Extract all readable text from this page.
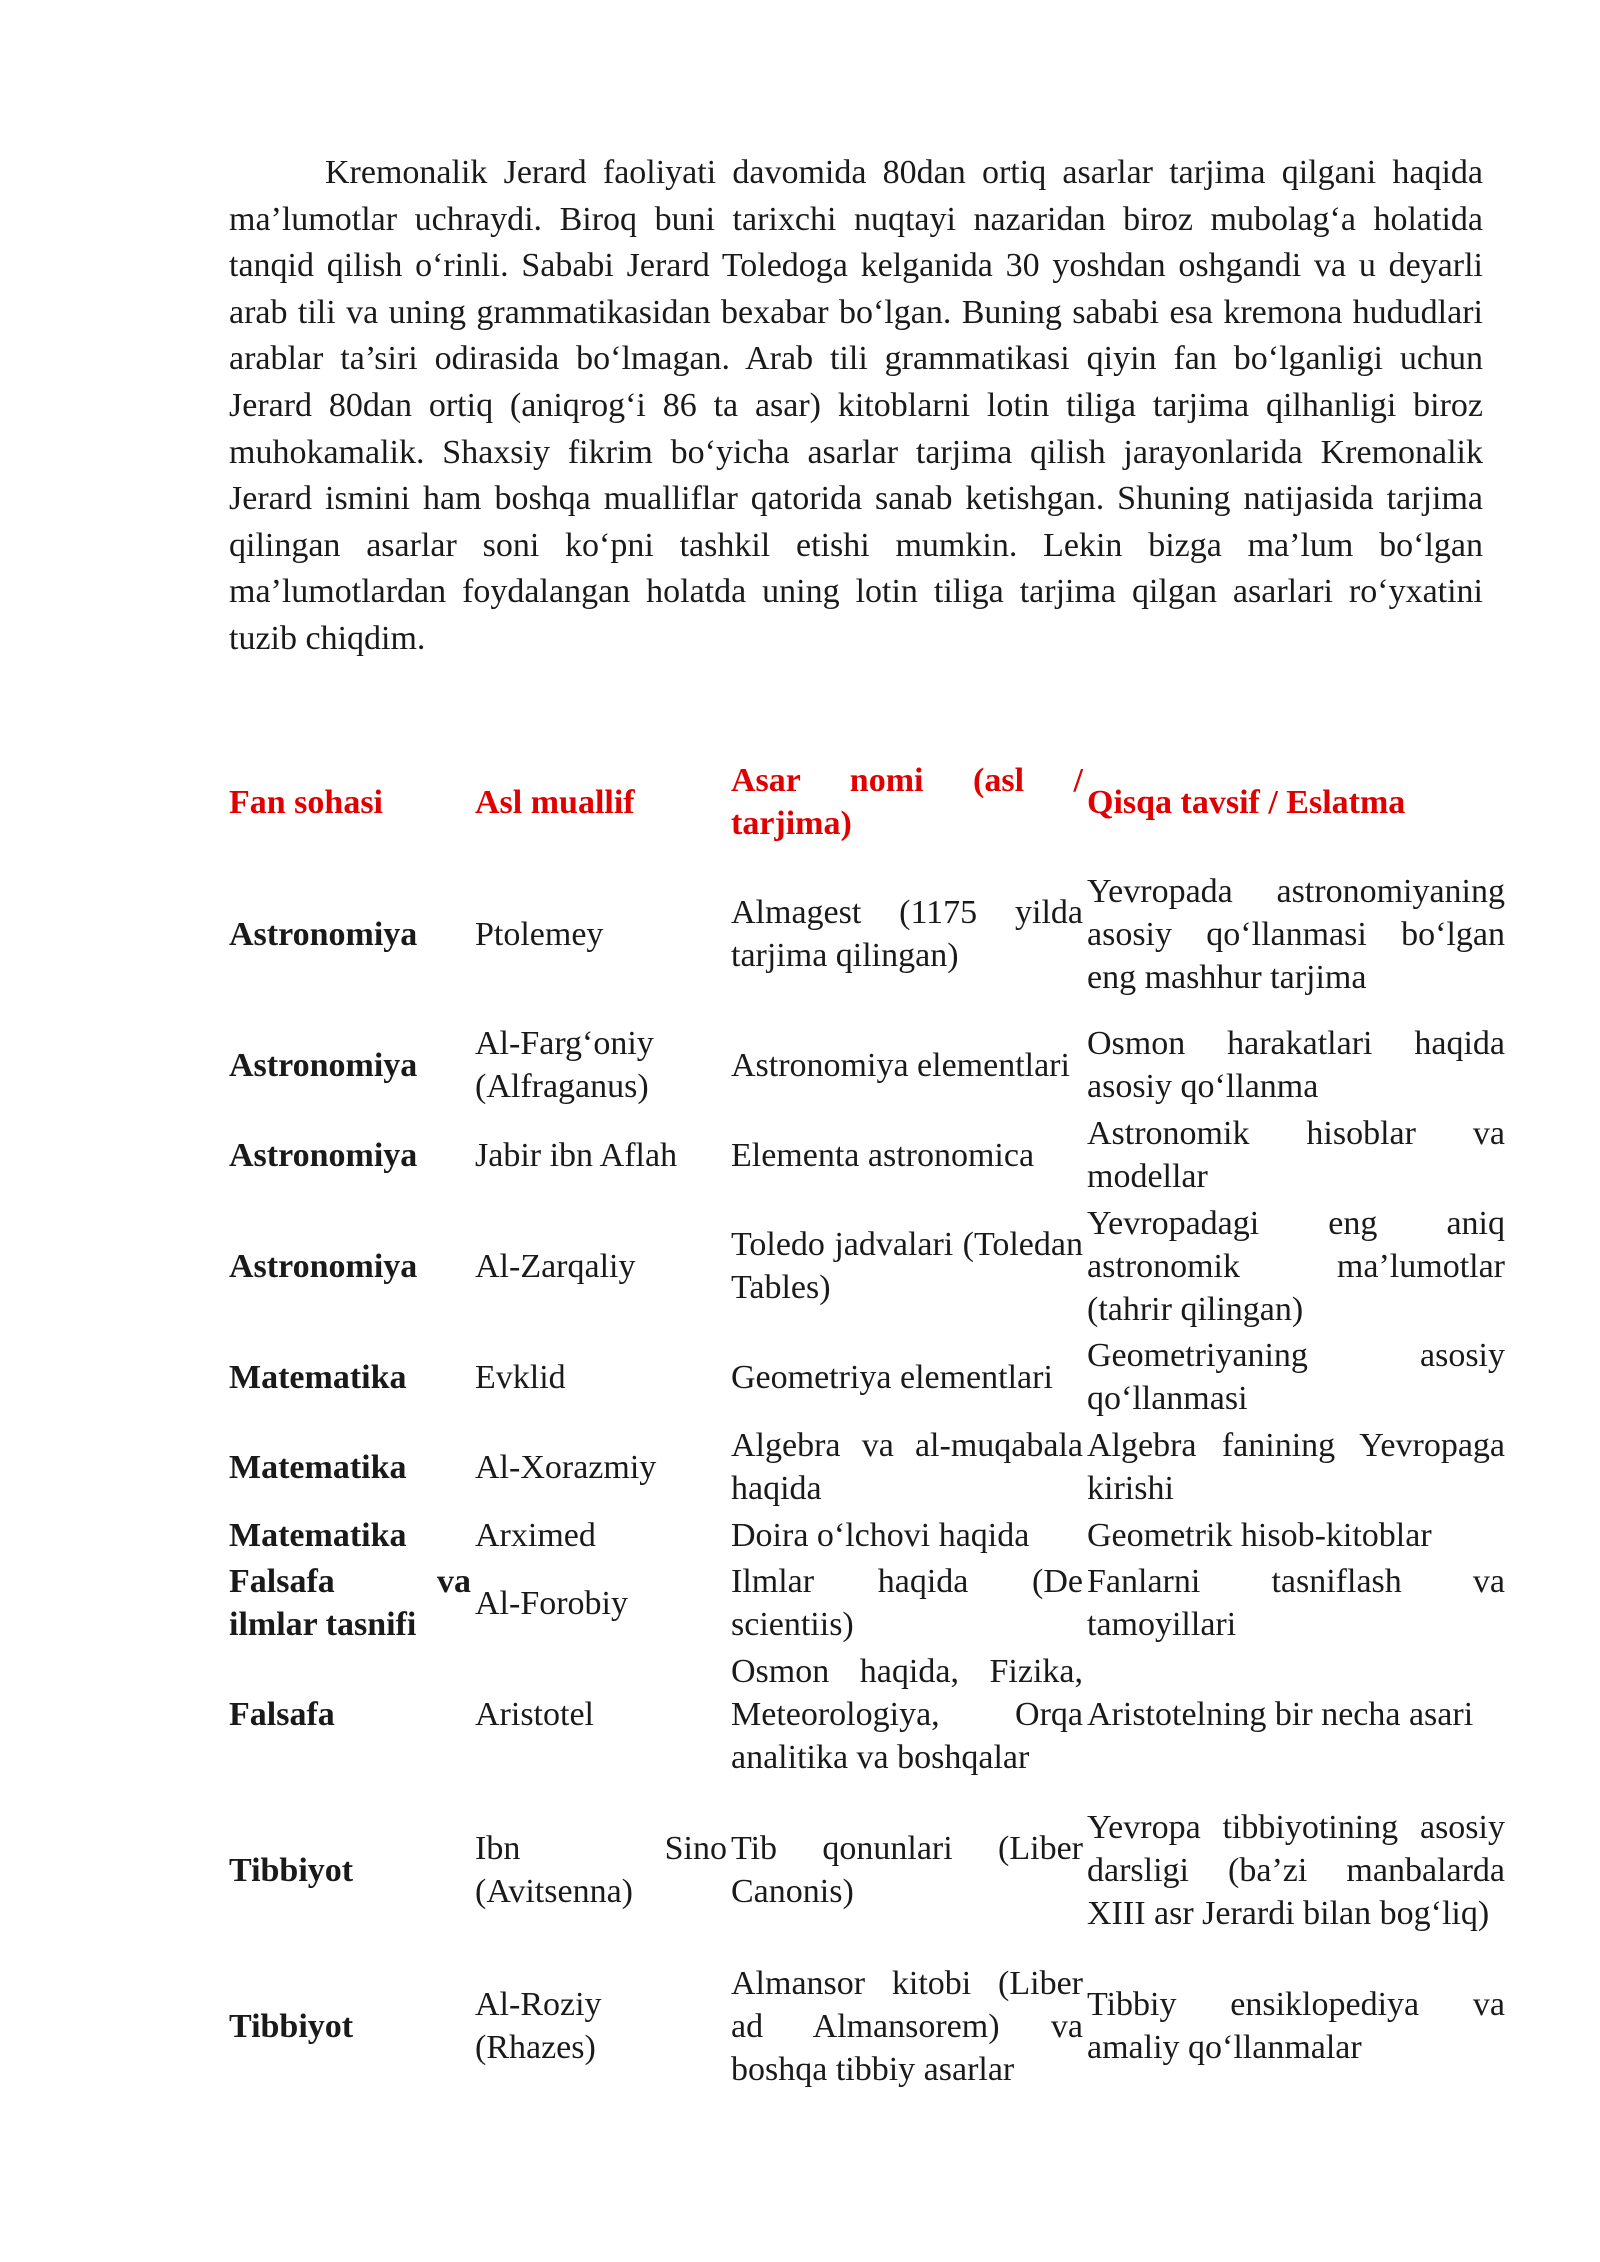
Kremonalik Jerard faoliyati davomida 80dan ortiq asarlar tarjima qilgani haqida ma’lumotlar uchraydi. Biroq buni tarixchi nuqtayi nazaridan biroz mubolag‘a holatida tanqid qilish o‘rinli. Sababi Jerard Toledoga kelganida 30 yoshdan oshgandi va u deyarli arab tili va uning grammatikasidan bexabar bo‘lgan. Buning sababi esa kremona hududlari arablar ta’siri odirasida bo‘lmagan. Arab tili grammatikasi qiyin fan bo‘lganligi uchun Jerard 80dan ortiq (aniqrog‘i 86 ta asar) kitoblarni lotin tiliga tarjima qilhanligi biroz muhokamalik. Shaxsiy fikrim bo‘yicha asarlar tarjima qilish jarayonlarida Kremonalik Jerard ismini ham boshqa mualliflar qatorida sanab ketishgan. Shuning natijasida tarjima qilingan asarlar soni ko‘pni tashkil etishi mumkin. Lekin bizga ma’lum bo‘lgan ma’lumotlardan foydalangan holatda uning lotin tiliga tarjima qilgan asarlari ro‘yxatini tuzib chiqdim.

Fan sohasi	Asl muallif	Asar nomi (asl / tarjima)	Qisqa tavsif / Eslatma
Astronomiya	Ptolemey	Almagest (1175 yilda tarjima qilingan)	Yevropada astronomiyaning asosiy qo‘llanmasi bo‘lgan eng mashhur tarjima
Astronomiya	Al-Farg‘oniy (Alfraganus)	Astronomiya elementlari	Osmon harakatlari haqida asosiy qo‘llanma
Astronomiya	Jabir ibn Aflah	Elementa astronomica	Astronomik hisoblar va modellar
Astronomiya	Al-Zarqaliy	Toledo jadvalari (Toledan Tables)	Yevropadagi eng aniq astronomik ma’lumotlar (tahrir qilingan)
Matematika	Evklid	Geometriya elementlari	Geometriyaning asosiy qo‘llanmasi
Matematika	Al-Xorazmiy	Algebra va al-muqabala haqida	Algebra fanining Yevropaga kirishi
Matematika	Arximed	Doira o‘lchovi haqida	Geometrik hisob-kitoblar
Falsafa va ilmlar tasnifi	Al-Forobiy	Ilmlar haqida (De scientiis)	Fanlarni tasniflash va tamoyillari
Falsafa	Aristotel	Osmon haqida, Fizika, Meteorologiya, Orqa analitika va boshqalar	Aristotelning bir necha asari
Tibbiyot	Ibn Sino (Avitsenna)	Tib qonunlari (Liber Canonis)	Yevropa tibbiyotining asosiy darsligi (ba’zi manbalarda XIII asr Jerardi bilan bog‘liq)
Tibbiyot	Al-Roziy (Rhazes)	Almansor kitobi (Liber ad Almansorem) va boshqa tibbiy asarlar	Tibbiy ensiklopediya va amaliy qo‘llanmalar
